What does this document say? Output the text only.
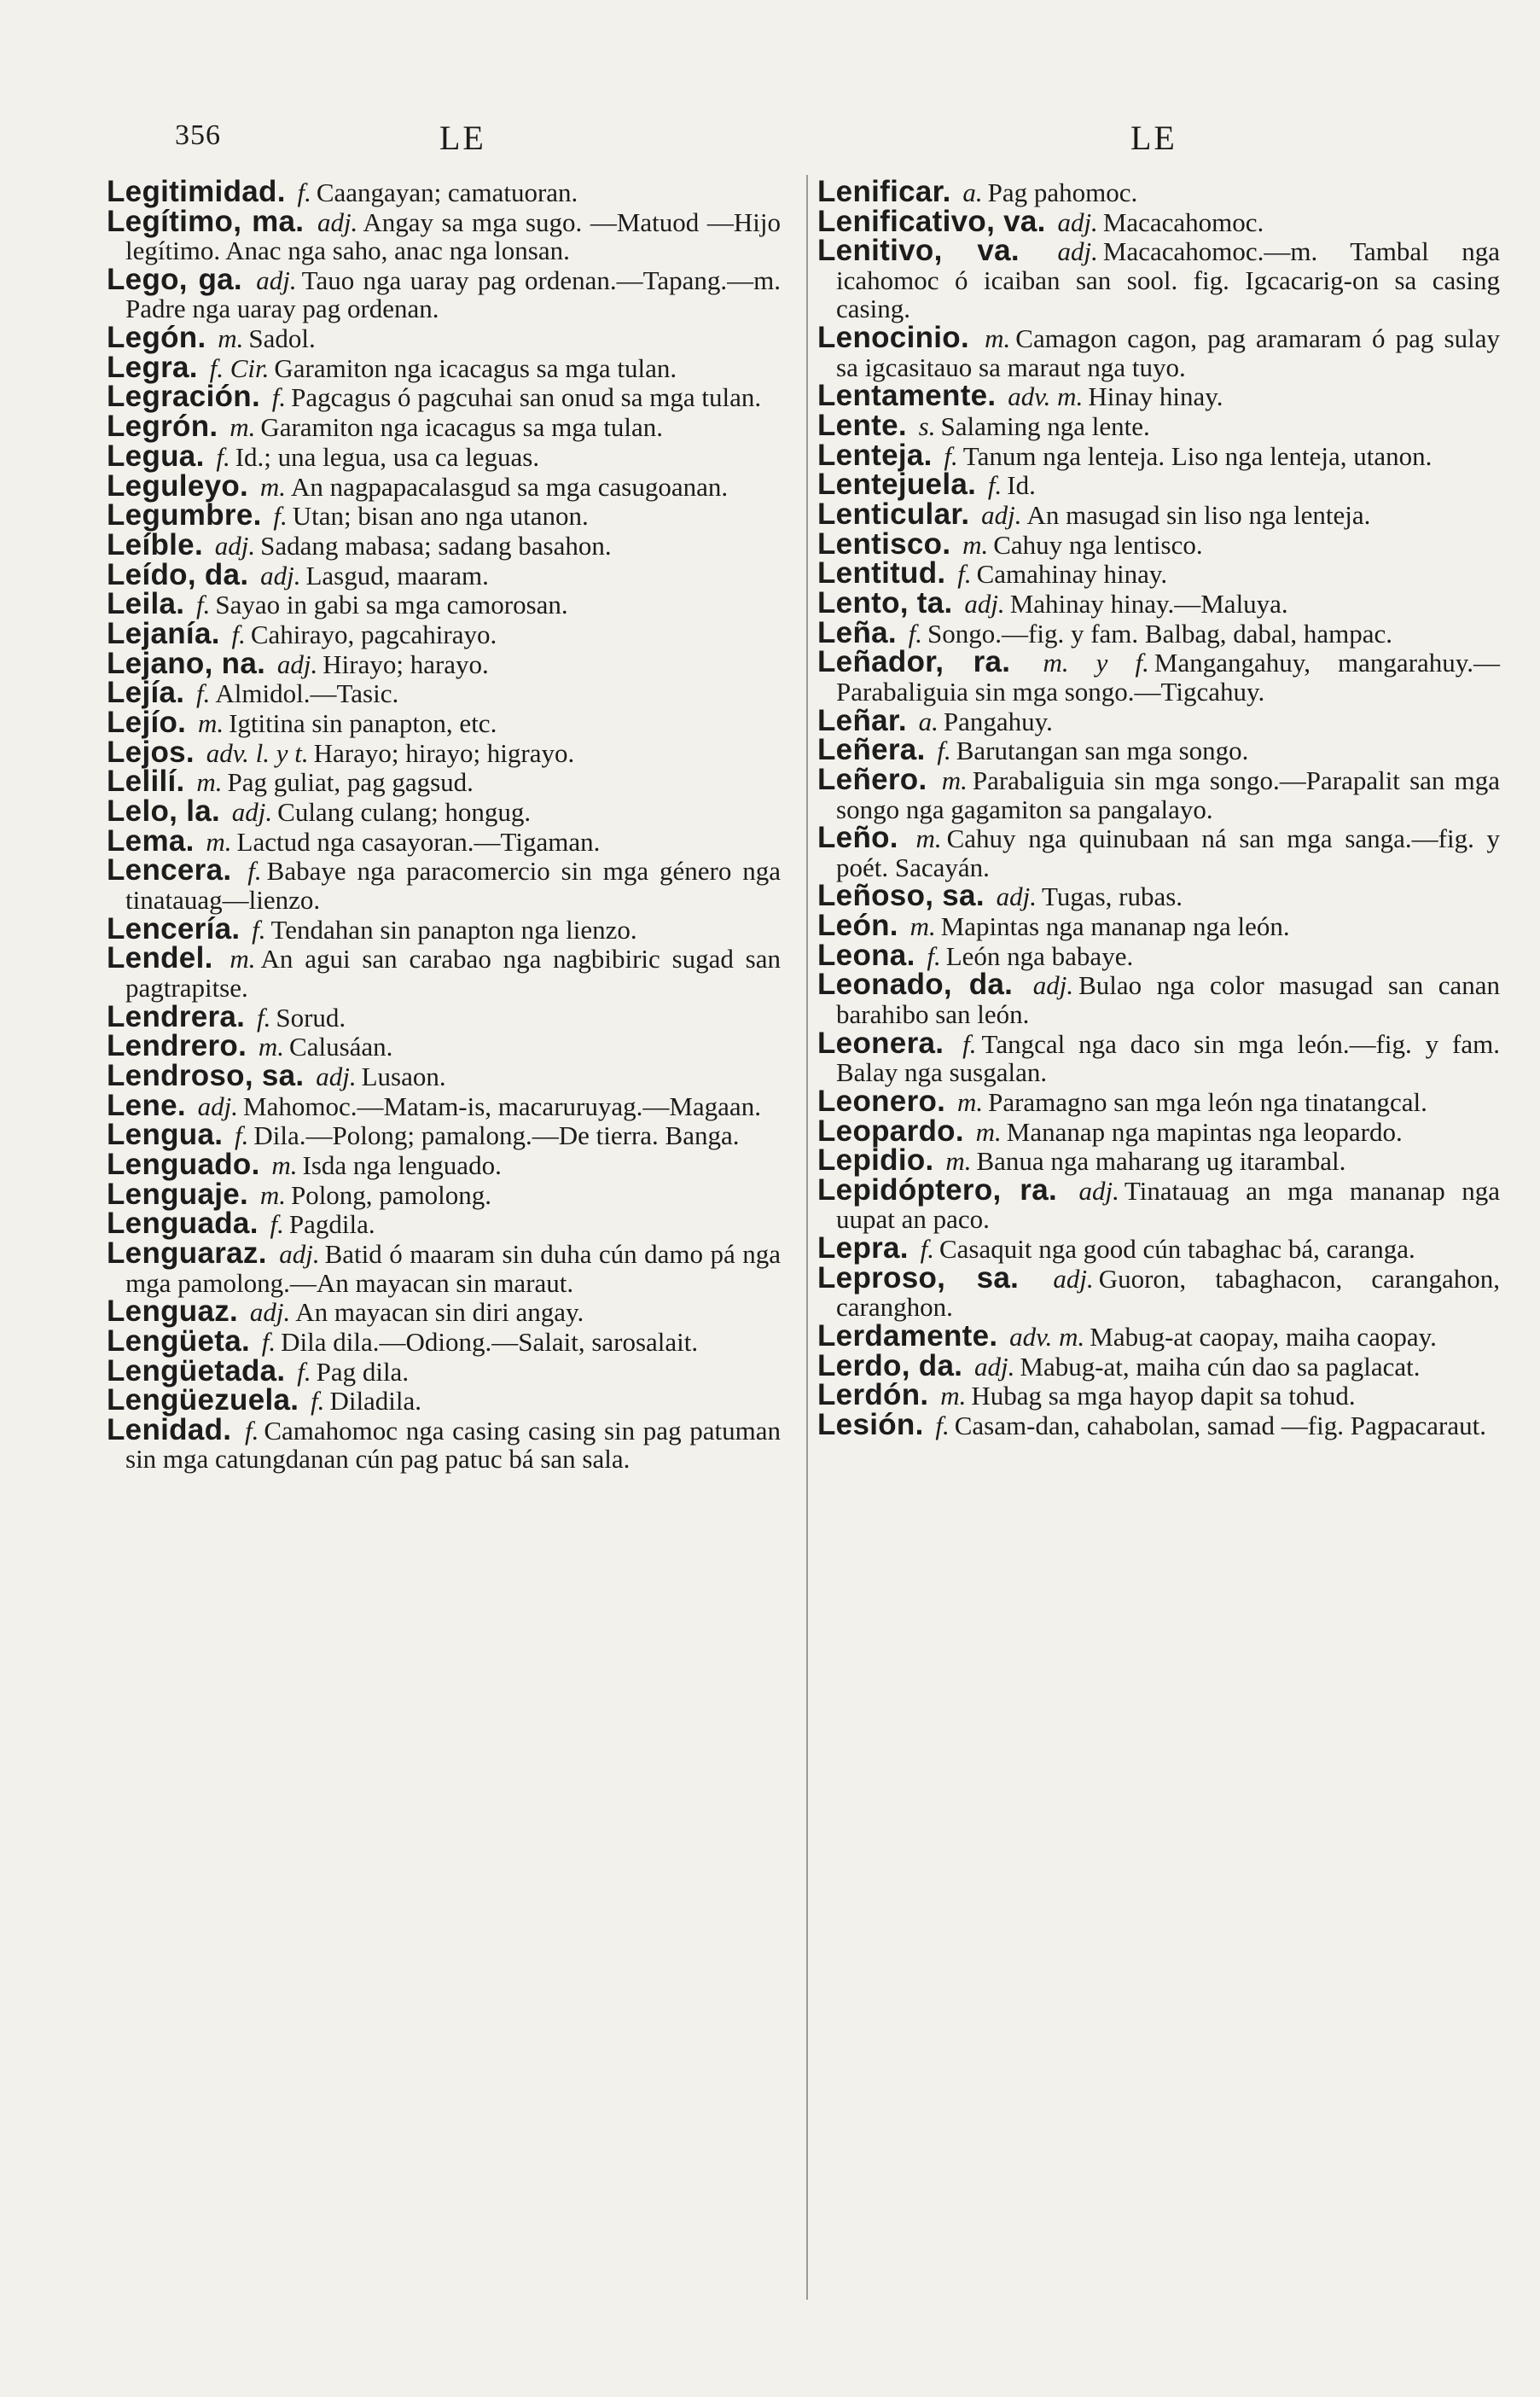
356	LE	LE
Legitimidad. f. Caangayan; camatuoran.
Legítimo, ma. adj. Angay sa mga sugo. —Matuod —Hijo legítimo. Anac nga saho, anac nga lonsan.
Lego, ga. adj. Tauo nga uaray pag ordenan.—Tapang.—m. Padre nga uaray pag ordenan.
Legón. m. Sadol.
Legra. f. Cir. Garamiton nga icacagus sa mga tulan.
Legración. f. Pagcagus ó pagcuhai san onud sa mga tulan.
Legrón. m. Garamiton nga icacagus sa mga tulan.
Legua. f. Id.; una legua, usa ca leguas.
Leguleyo. m. An nagpapacalasgud sa mga casugoanan.
Legumbre. f. Utan; bisan ano nga utanon.
Leíble. adj. Sadang mabasa; sadang basahon.
Leído, da. adj. Lasgud, maaram.
Leila. f. Sayao in gabi sa mga camorosan.
Lejanía. f. Cahirayo, pagcahirayo.
Lejano, na. adj. Hirayo; harayo.
Lejía. f. Almidol.—Tasic.
Lejío. m. Igtitina sin panapton, etc.
Lejos. adv. l. y t. Harayo; hirayo; higrayo.
Lelilí. m. Pag guliat, pag gagsud.
Lelo, la. adj. Culang culang; hongug.
Lema. m. Lactud nga casayoran.—Tigaman.
Lencera. f. Babaye nga paracomercio sin mga género nga tinatauag—lienzo.
Lencería. f. Tendahan sin panapton nga lienzo.
Lendel. m. An agui san carabao nga nagbibiric sugad san pagtrapitse.
Lendrera. f. Sorud.
Lendrero. m. Calusáan.
Lendroso, sa. adj. Lusaon.
Lene. adj. Mahomoc.—Matam-is, macaruruyag.—Magaan.
Lengua. f. Dila.—Polong; pamalong.—De tierra. Banga.
Lenguado. m. Isda nga lenguado.
Lenguaje. m. Polong, pamolong.
Lenguada. f. Pagdila.
Lenguaraz. adj. Batid ó maaram sin duha cún damo pá nga mga pamolong.—An mayacan sin maraut.
Lenguaz. adj. An mayacan sin diri angay.
Lengüeta. f. Dila dila.—Odiong.—Salait, sarosalait.
Lengüetada. f. Pag dila.
Lengüezuela. f. Diladila.
Lenidad. f. Camahomoc nga casing casing sin pag patuman sin mga catungdanan cún pag patuc bá san sala.
Lenificar. a. Pag pahomoc.
Lenificativo, va. adj. Macacahomoc.
Lenitivo, va. adj. Macacahomoc.—m. Tambal nga icahomoc ó icaiban san sool. fig. Igcacarig-on sa casing casing.
Lenocinio. m. Camagon cagon, pag aramaram ó pag sulay sa igcasitauo sa maraut nga tuyo.
Lentamente. adv. m. Hinay hinay.
Lente. s. Salaming nga lente.
Lenteja. f. Tanum nga lenteja. Liso nga lenteja, utanon.
Lentejuela. f. Id.
Lenticular. adj. An masugad sin liso nga lenteja.
Lentisco. m. Cahuy nga lentisco.
Lentitud. f. Camahinay hinay.
Lento, ta. adj. Mahinay hinay.—Maluya.
Leña. f. Songo.—fig. y fam. Balbag, dabal, hampac.
Leñador, ra. m. y f. Mangangahuy, mangarahuy.—Parabaliguia sin mga songo.—Tigcahuy.
Leñar. a. Pangahuy.
Leñera. f. Barutangan san mga songo.
Leñero. m. Parabaliguia sin mga songo.—Parapalit san mga songo nga gagamiton sa pangalayo.
Leño. m. Cahuy nga quinubaan ná san mga sanga.—fig. y poét. Sacayán.
Leñoso, sa. adj. Tugas, rubas.
León. m. Mapintas nga mananap nga león.
Leona. f. León nga babaye.
Leonado, da. adj. Bulao nga color masugad san canan barahibo san león.
Leonera. f. Tangcal nga daco sin mga león.—fig. y fam. Balay nga susgalan.
Leonero. m. Paramagno san mga león nga tinatangcal.
Leopardo. m. Mananap nga mapintas nga leopardo.
Lepidio. m. Banua nga maharang ug itarambal.
Lepidóptero, ra. adj. Tinatauag an mga mananap nga uupat an paco.
Lepra. f. Casaquit nga good cún tabaghac bá, caranga.
Leproso, sa. adj. Guoron, tabaghacon, carangahon, caranghon.
Lerdamente. adv. m. Mabug-at caopay, maiha caopay.
Lerdo, da. adj. Mabug-at, maiha cún dao sa paglacat.
Lerdón. m. Hubag sa mga hayop dapit sa tohud.
Lesión. f. Casam-dan, cahabolan, samad —fig. Pagpacaraut.
